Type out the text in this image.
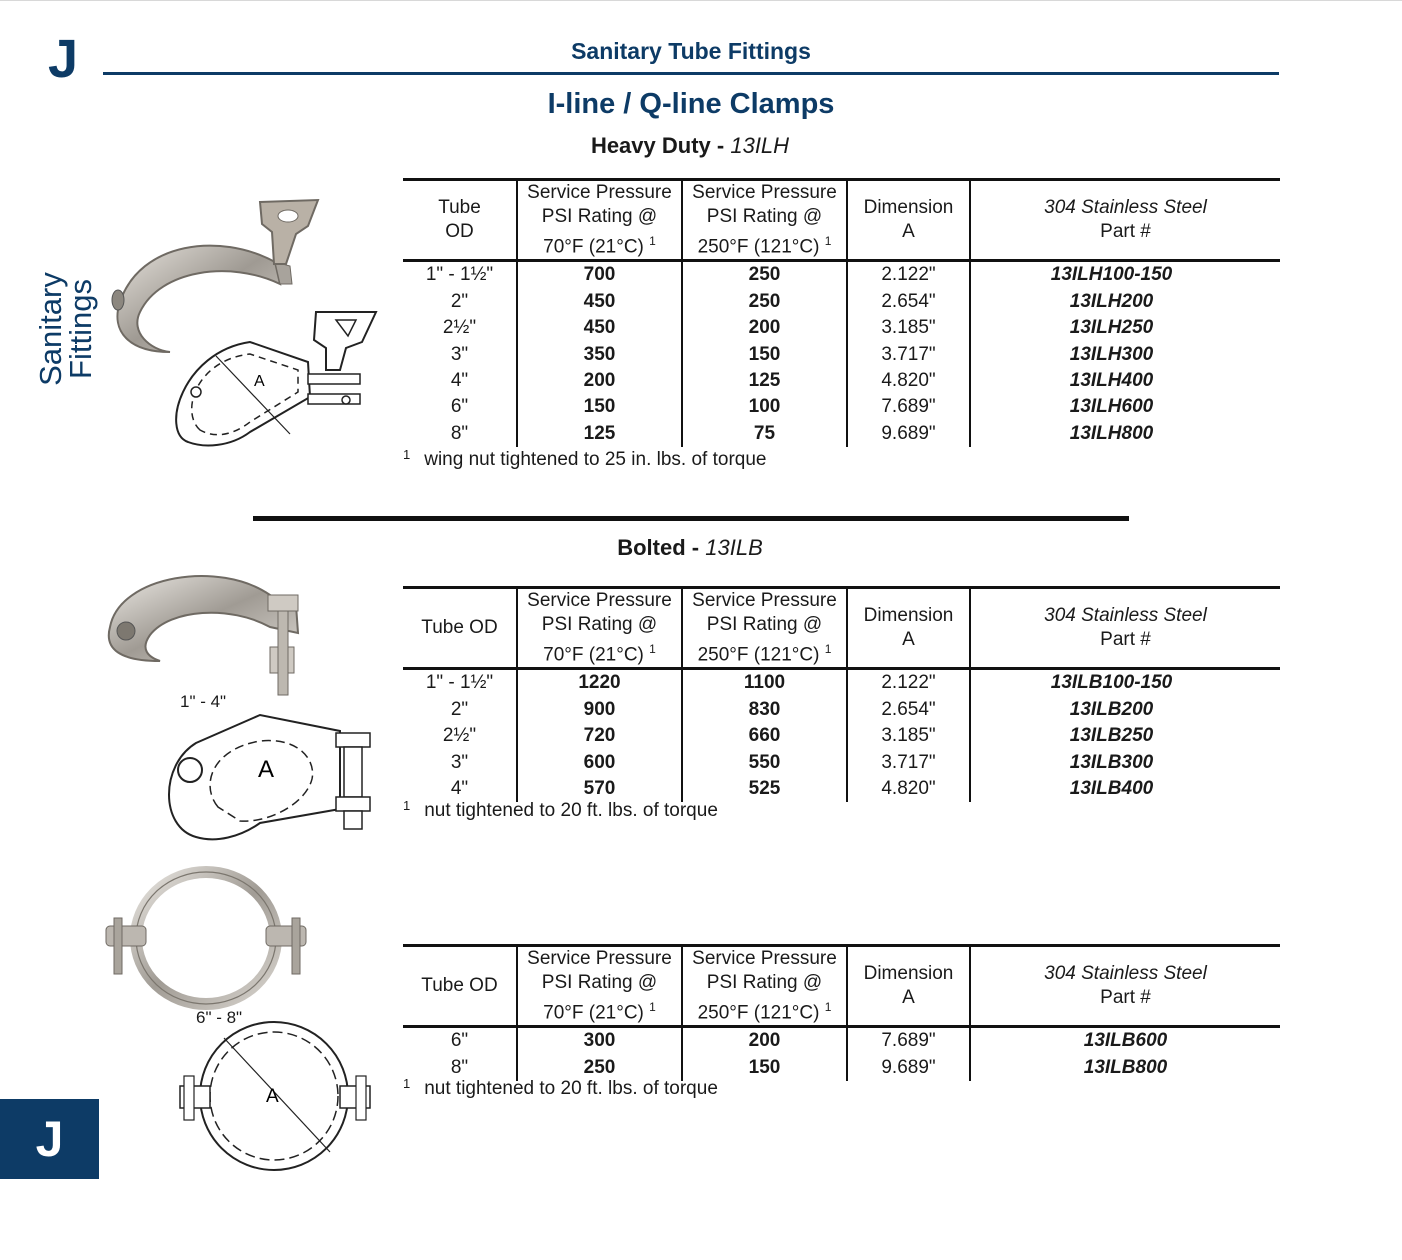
J	Sanitary Tube Fittings
I-line / Q-line Clamps
Sanitary
Fittings
Heavy Duty - 13ILH
A
Tube
OD	Service Pressure
PSI Rating @
70°F (21°C) $^1$	Service Pressure
PSI Rating @
250°F (121°C) $^1$	Dimension
A	304 Stainless Steel
Part #

1" - 1½"	700	250	2.122"	13ILH100-150
2"	450	250	2.654"	13ILH200
2½"	450	200	3.185"	13ILH250
3"	350	150	3.717"	13ILH300
4"	200	125	4.820"	13ILH400
6"	150	100	7.689"	13ILH600
8"	125	75	9.689"	13ILH800
$^1$ wing nut tightened to 25 in. lbs. of torque
Bolted - 13ILB
A
1" - 4"
Tube OD	Service Pressure
PSI Rating @
70°F (21°C) $^1$	Service Pressure
PSI Rating @
250°F (121°C) $^1$	Dimension
A	304 Stainless Steel
Part #

1" - 1½"	1220	1100	2.122"	13ILB100-150
2"	900	830	2.654"	13ILB200
2½"	720	660	3.185"	13ILB250
3"	600	550	3.717"	13ILB300
4"	570	525	4.820"	13ILB400
$^1$ nut tightened to 20 ft. lbs. of torque
A
6" - 8"
Tube OD	Service Pressure
PSI Rating @
70°F (21°C) $^1$	Service Pressure
PSI Rating @
250°F (121°C) $^1$	Dimension
A	304 Stainless Steel
Part #

6"	300	200	7.689"	13ILB600
8"	250	150	9.689"	13ILB800
$^1$ nut tightened to 20 ft. lbs. of torque
J
